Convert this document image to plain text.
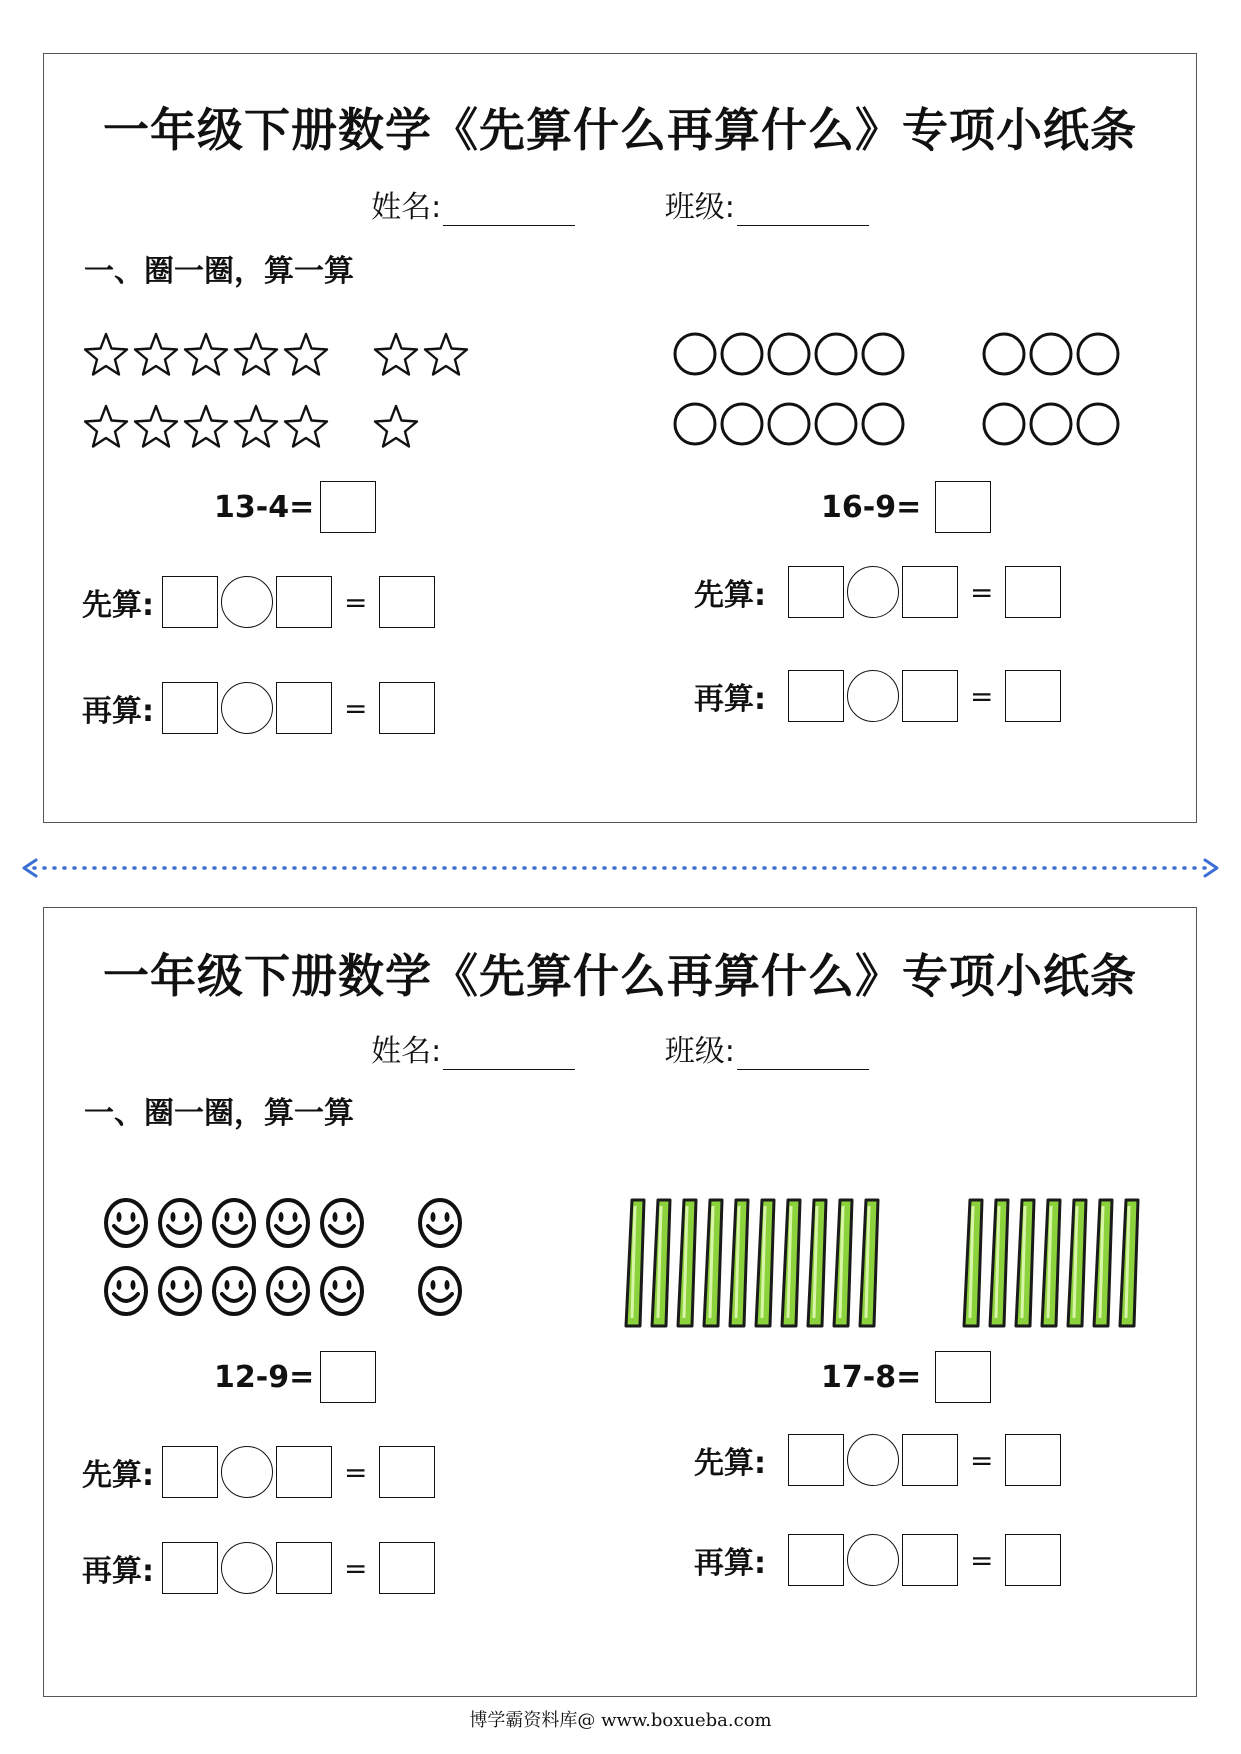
一年级下册数学《先算什么再算什么》专项小纸条
姓名:	班级:
一、圈一圈，算一算
13-4=	16-9=
先算:	=
再算:	=
先算:	=
再算:	=
一年级下册数学《先算什么再算什么》专项小纸条
姓名:	班级:
一、圈一圈，算一算
12-9=	17-8=
先算:	=
再算:	=
先算:	=
再算:	=
博学霸资料库@ www.boxueba.com
